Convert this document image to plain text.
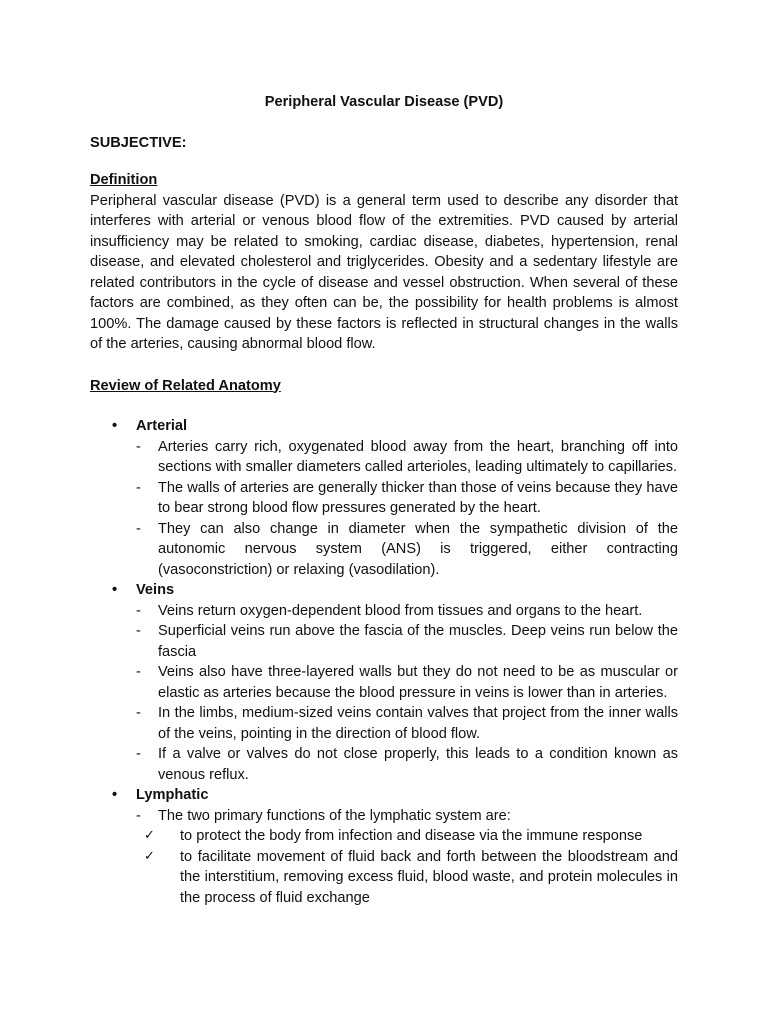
Peripheral Vascular Disease (PVD)

SUBJECTIVE:

Definition

Peripheral vascular disease (PVD) is a general term used to describe any disorder that interferes with arterial or venous blood flow of the extremities. PVD caused by arterial insufficiency may be related to smoking, cardiac disease, diabetes, hypertension, renal disease, and elevated cholesterol and triglycerides. Obesity and a sedentary lifestyle are related contributors in the cycle of disease and vessel obstruction. When several of these factors are combined, as they often can be, the possibility for health problems is almost 100%. The damage caused by these factors is reflected in structural changes in the walls of the arteries, causing abnormal blood flow.

Review of Related Anatomy

• Arterial
- Arteries carry rich, oxygenated blood away from the heart, branching off into sections with smaller diameters called arterioles, leading ultimately to capillaries.
- The walls of arteries are generally thicker than those of veins because they have to bear strong blood flow pressures generated by the heart.
- They can also change in diameter when the sympathetic division of the autonomic nervous system (ANS) is triggered, either contracting (vasoconstriction) or relaxing (vasodilation).
• Veins
- Veins return oxygen-dependent blood from tissues and organs to the heart.
- Superficial veins run above the fascia of the muscles. Deep veins run below the fascia
- Veins also have three-layered walls but they do not need to be as muscular or elastic as arteries because the blood pressure in veins is lower than in arteries.
- In the limbs, medium-sized veins contain valves that project from the inner walls of the veins, pointing in the direction of blood flow.
- If a valve or valves do not close properly, this leads to a condition known as venous reflux.
• Lymphatic
- The two primary functions of the lymphatic system are:
✓ to protect the body from infection and disease via the immune response
✓ to facilitate movement of fluid back and forth between the bloodstream and the interstitium, removing excess fluid, blood waste, and protein molecules in the process of fluid exchange
